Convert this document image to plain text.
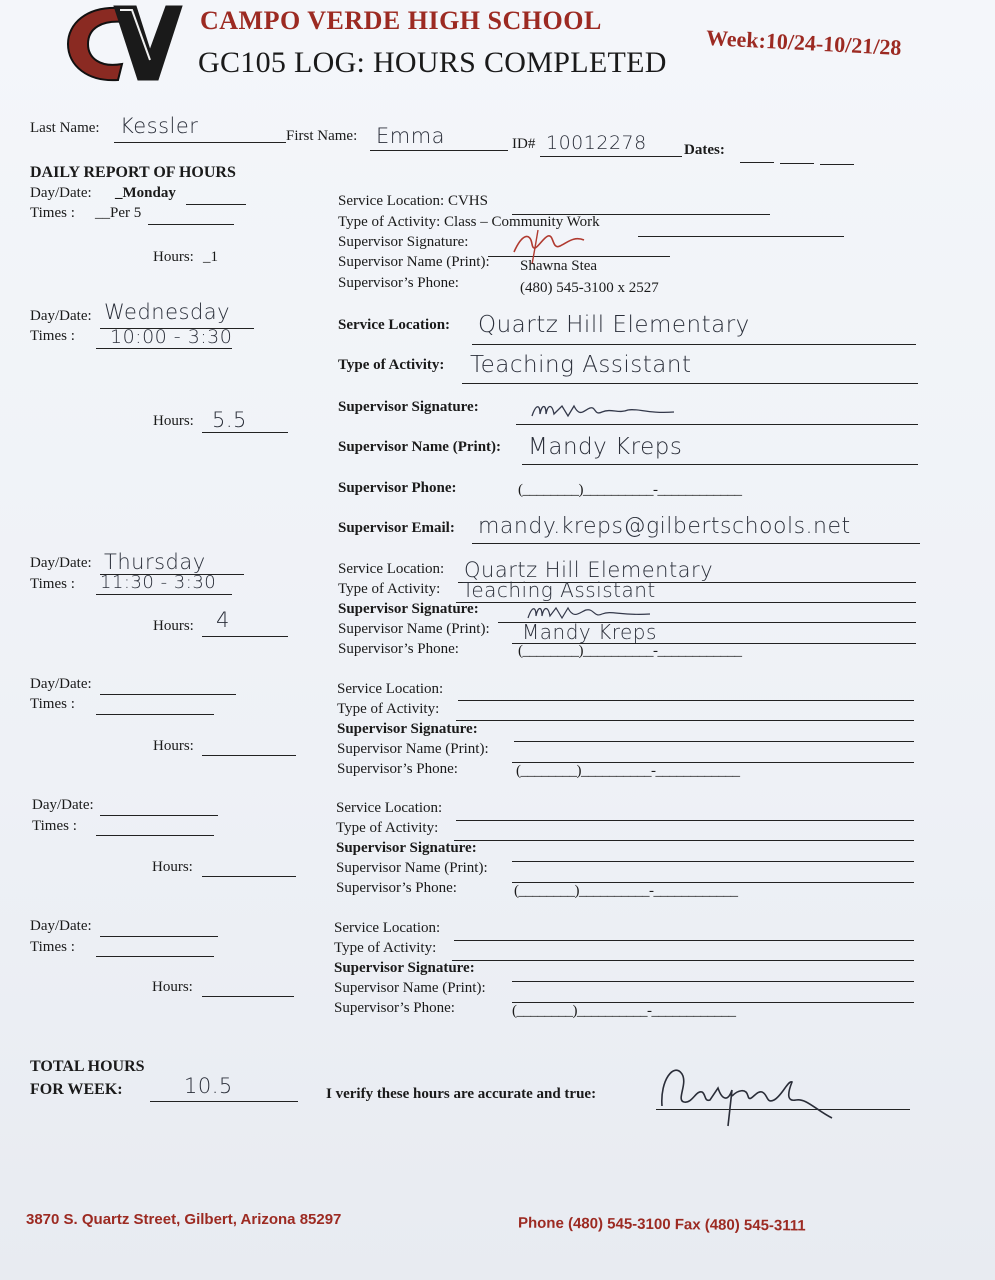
CAMPO VERDE HIGH SCHOOL
GC105 LOG: HOURS COMPLETED
Week:10/24-10/21/28
Last Name: Kessler	First Name: Emma	ID# 10012278 Dates:
DAILY REPORT OF HOURS
Day/Date: _Monday
Times : __Per 5
Hours: _1
Service Location: CVHS
Type of Activity: Class – Community Work
Supervisor Signature:
Supervisor Name (Print): Shawna Stea
Supervisor’s Phone:	(480) 545-3100 x 2527
Day/Date: Wednesday
Times : 10:00 - 3:30
Hours: 5.5
Service Location: Quartz Hill Elementary
Type of Activity: Teaching Assistant
Supervisor Signature:
Supervisor Name (Print): Mandy Kreps
Supervisor Phone:	(________)__________-____________
Supervisor Email: mandy.kreps@gilbertschools.net
Day/Date: Thursday
Times : 11:30 - 3:30
Hours: 4
Service Location: Quartz Hill Elementary
Type of Activity: Teaching Assistant
Supervisor Signature:
Supervisor Name (Print): Mandy Kreps
Supervisor’s Phone:	(________)__________-____________
Day/Date:
Times :
Hours:
Service Location:
Type of Activity:
Supervisor Signature:
Supervisor Name (Print):
Supervisor’s Phone:	(________)__________-____________
Day/Date:
Times :
Hours:
Service Location:
Type of Activity:
Supervisor Signature:
Supervisor Name (Print):
Supervisor’s Phone:	(________)__________-____________
Day/Date:
Times :
Hours:
Service Location:
Type of Activity:
Supervisor Signature:
Supervisor Name (Print):
Supervisor’s Phone:	(________)__________-____________
TOTAL HOURS
FOR WEEK:	10.5	I verify these hours are accurate and true:
3870 S. Quartz Street, Gilbert, Arizona 85297	Phone (480) 545-3100 Fax (480) 545-3111
